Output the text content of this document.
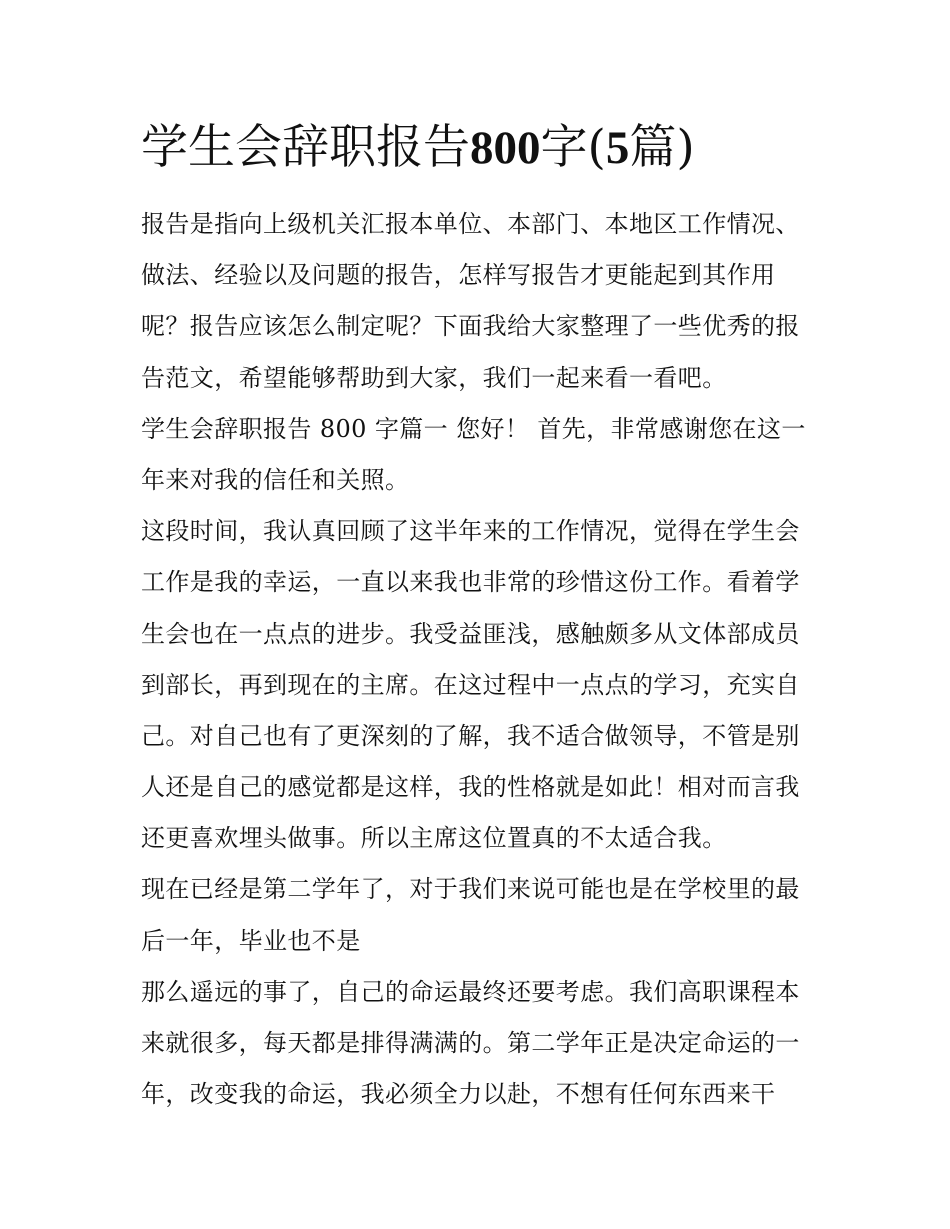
学生会辞职报告800字(5篇)
报告是指向上级机关汇报本单位、本部门、本地区工作情况、
做法、经验以及问题的报告，怎样写报告才更能起到其作用
呢？报告应该怎么制定呢？下面我给大家整理了一些优秀的报
告范文，希望能够帮助到大家，我们一起来看一看吧。
学生会辞职报告 800 字篇一 您好！ 首先，非常感谢您在这一
年来对我的信任和关照。
这段时间，我认真回顾了这半年来的工作情况，觉得在学生会
工作是我的幸运，一直以来我也非常的珍惜这份工作。看着学
生会也在一点点的进步。我受益匪浅，感触颇多从文体部成员
到部长，再到现在的主席。在这过程中一点点的学习，充实自
己。对自己也有了更深刻的了解，我不适合做领导，不管是别
人还是自己的感觉都是这样，我的性格就是如此！相对而言我
还更喜欢埋头做事。所以主席这位置真的不太适合我。
现在已经是第二学年了，对于我们来说可能也是在学校里的最
后一年，毕业也不是
那么遥远的事了，自己的命运最终还要考虑。我们高职课程本
来就很多，每天都是排得满满的。第二学年正是决定命运的一
年，改变我的命运，我必须全力以赴，不想有任何东西来干
